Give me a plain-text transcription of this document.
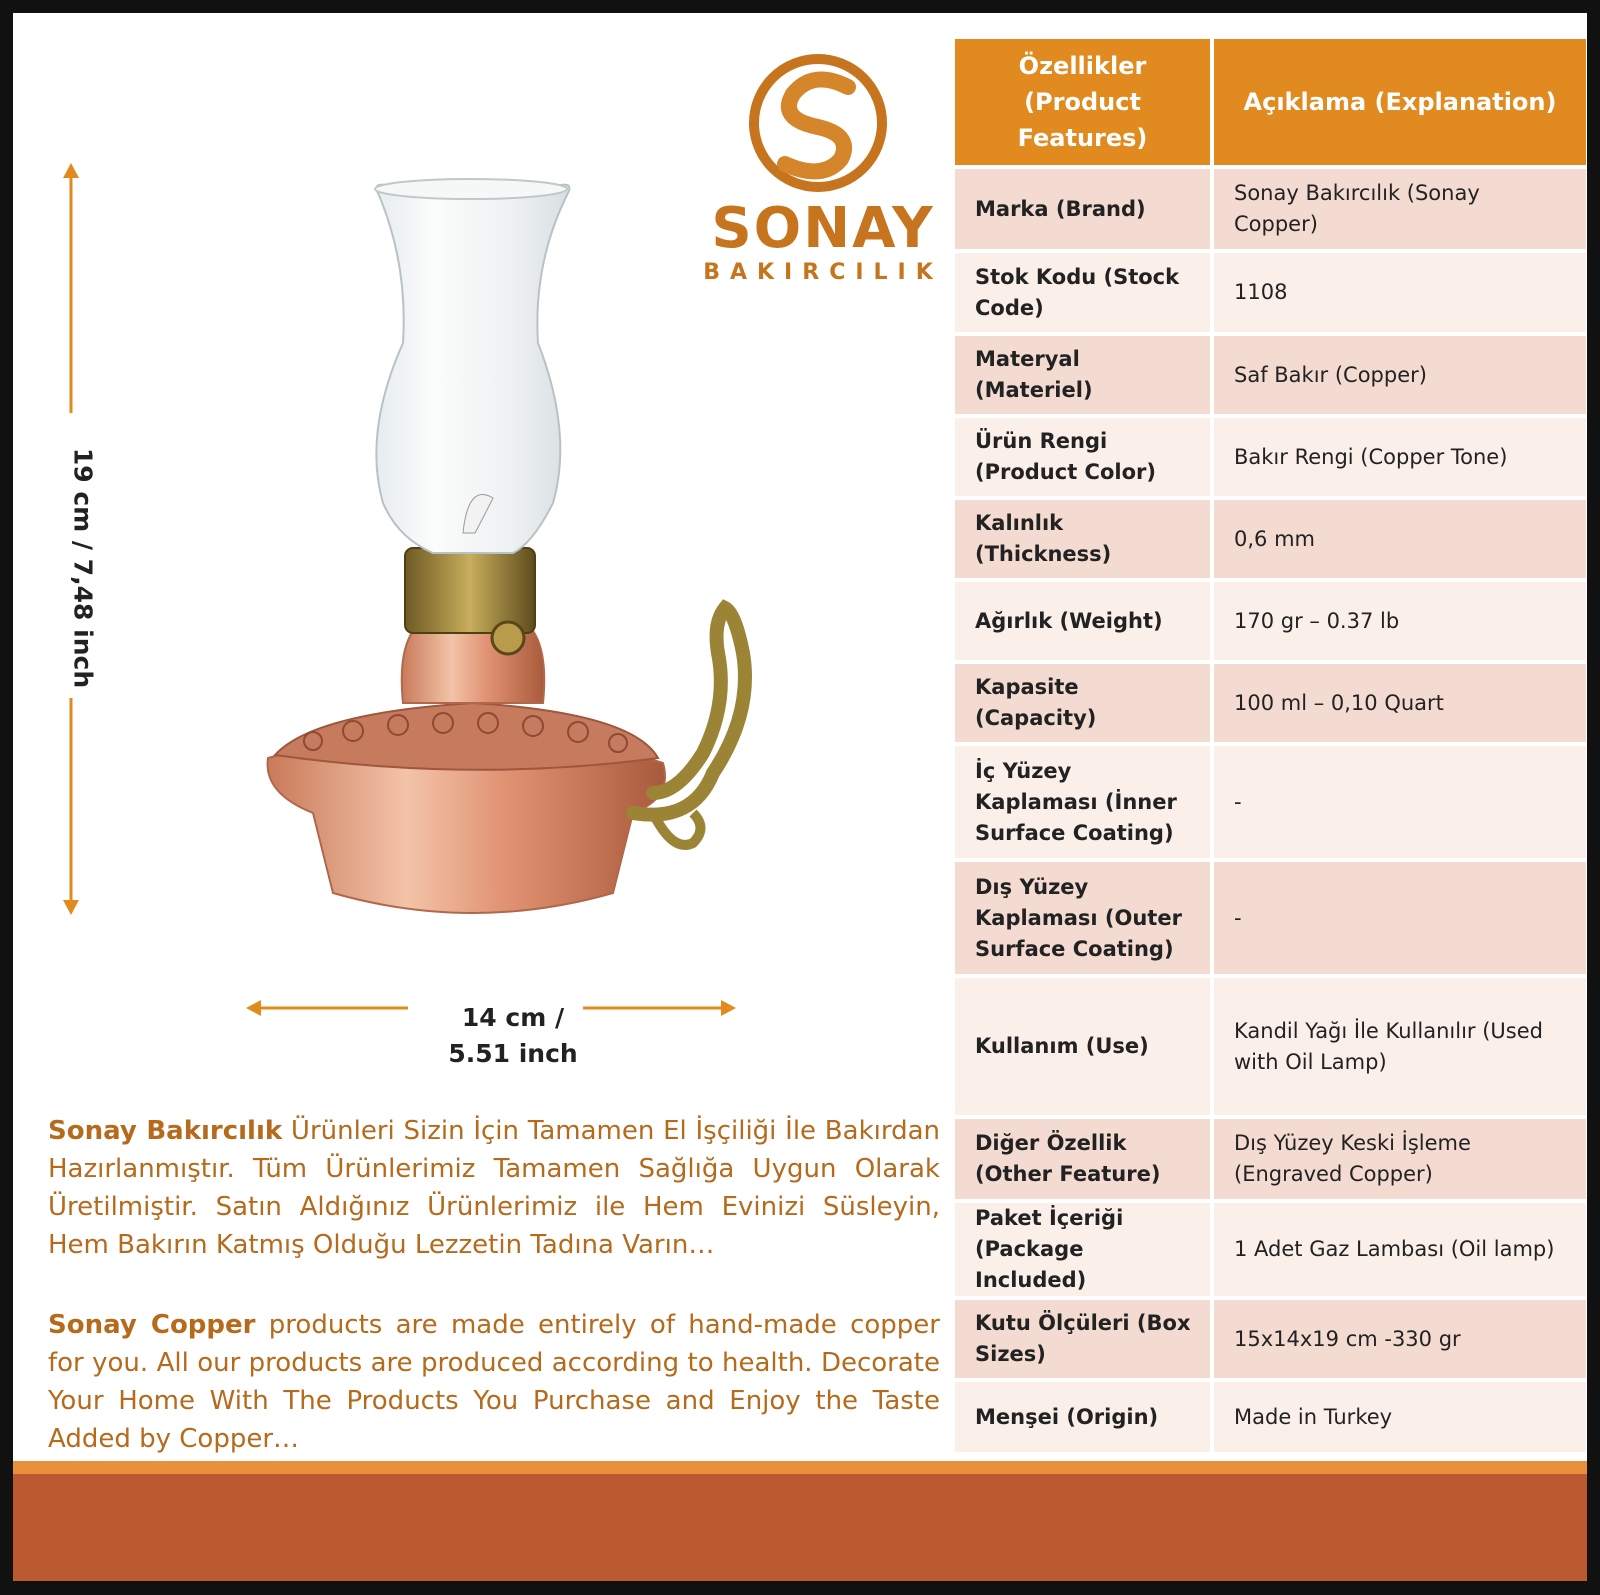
19 cm / 7,48 inch
14 cm /
5.51 inch
SONAY
BAKIRCILIK
Özellikler (Product Features)	Açıklama (Explanation)
Marka (Brand)	Sonay Bakırcılık (Sonay Copper)
Stok Kodu (Stock Code)	1108
Materyal (Materiel)	Saf Bakır (Copper)
Ürün Rengi (Product Color)	Bakır Rengi (Copper Tone)
Kalınlık (Thickness)	0,6 mm
Ağırlık (Weight)	170 gr – 0.37 lb
Kapasite (Capacity)	100 ml – 0,10 Quart
İç Yüzey Kaplaması (İnner Surface Coating)	-
Dış Yüzey Kaplaması (Outer Surface Coating)	-
Kullanım (Use)	Kandil Yağı İle Kullanılır (Used with Oil Lamp)
Diğer Özellik (Other Feature)	Dış Yüzey Keski İşleme (Engraved Copper)
Paket İçeriği (Package Included)	1 Adet Gaz Lambası (Oil lamp)
Kutu Ölçüleri (Box Sizes)	15x14x19 cm -330 gr
Menşei (Origin)	Made in Turkey
Sonay Bakırcılık Ürünleri Sizin İçin Tamamen El İşçiliği İle Bakırdan Hazırlanmıştır. Tüm Ürünlerimiz Tamamen Sağlığa Uygun Olarak Üretilmiştir. Satın Aldığınız Ürünlerimiz ile Hem Evinizi Süsleyin, Hem Bakırın Katmış Olduğu Lezzetin Tadına Varın…
Sonay Copper products are made entirely of hand-made copper for you. All our products are produced according to health. Decorate Your Home With The Products You Purchase and Enjoy the Taste Added by Copper…
